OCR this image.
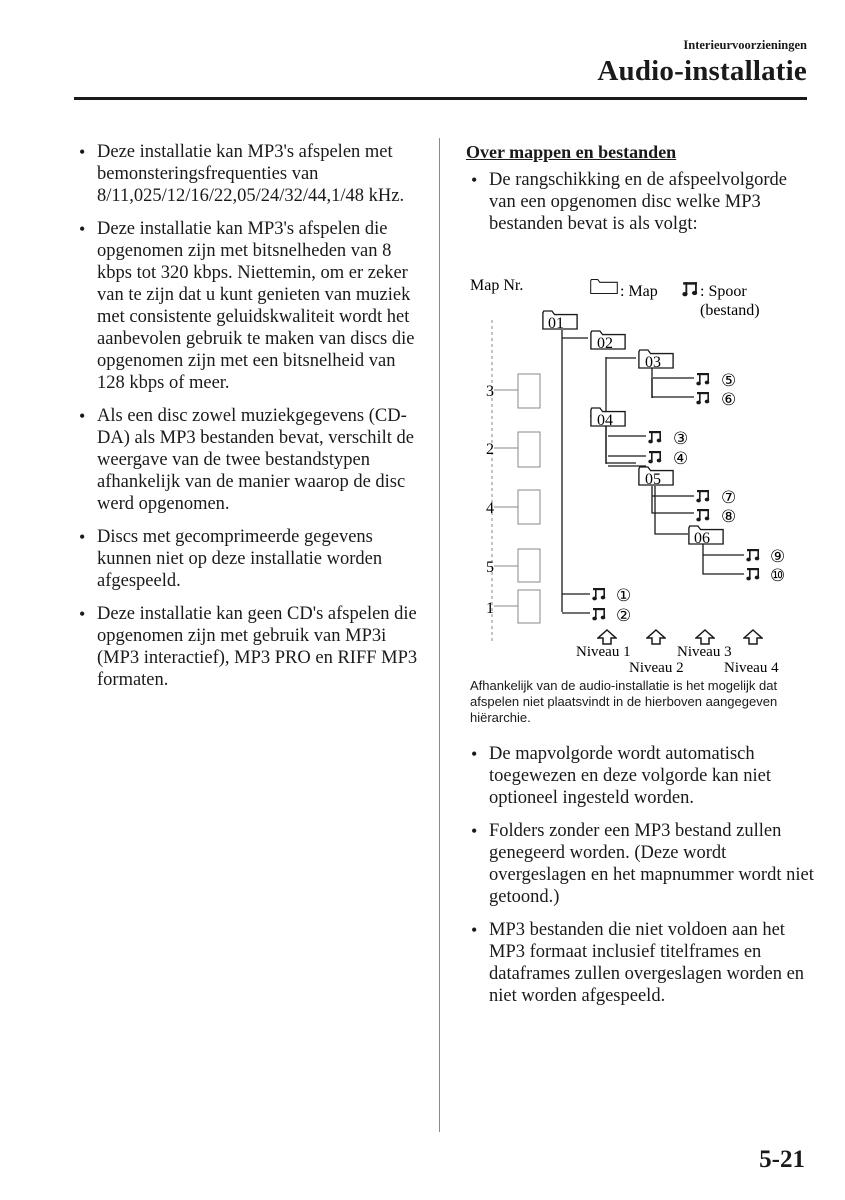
Interieurvoorzieningen
Audio-installatie
• Deze installatie kan MP3's afspelen met bemonsteringsfrequenties van 8/11,025/12/16/22,05/24/32/44,1/48 kHz.
• Deze installatie kan MP3's afspelen die opgenomen zijn met bitsnelheden van 8 kbps tot 320 kbps. Niettemin, om er zeker van te zijn dat u kunt genieten van muziek met consistente geluidskwaliteit wordt het aanbevolen gebruik te maken van discs die opgenomen zijn met een bitsnelheid van 128 kbps of meer.
• Als een disc zowel muziekgegevens (CD-DA) als MP3 bestanden bevat, verschilt de weergave van de twee bestandstypen afhankelijk van de manier waarop de disc werd opgenomen.
• Discs met gecomprimeerde gegevens kunnen niet op deze installatie worden afgespeeld.
• Deze installatie kan geen CD's afspelen die opgenomen zijn met gebruik van MP3i (MP3 interactief), MP3 PRO en RIFF MP3 formaten.
Over mappen en bestanden
• De rangschikking en de afspeelvolgorde van een opgenomen disc welke MP3 bestanden bevat is als volgt:
Map Nr.	: Map	: Spoor
(bestand)
3
2
4
5
1
01
02
03
04
05
06
⑤
⑥
③
④
⑦
⑧
⑨
⑩
①
②
Niveau 1
Niveau 2
Niveau 3
Niveau 4
Afhankelijk van de audio-installatie is het mogelijk dat afspelen niet plaatsvindt in de hierboven aangegeven hiërarchie.
• De mapvolgorde wordt automatisch toegewezen en deze volgorde kan niet optioneel ingesteld worden.
• Folders zonder een MP3 bestand zullen genegeerd worden. (Deze wordt overgeslagen en het mapnummer wordt niet getoond.)
• MP3 bestanden die niet voldoen aan het MP3 formaat inclusief titelframes en dataframes zullen overgeslagen worden en niet worden afgespeeld.
5-21
